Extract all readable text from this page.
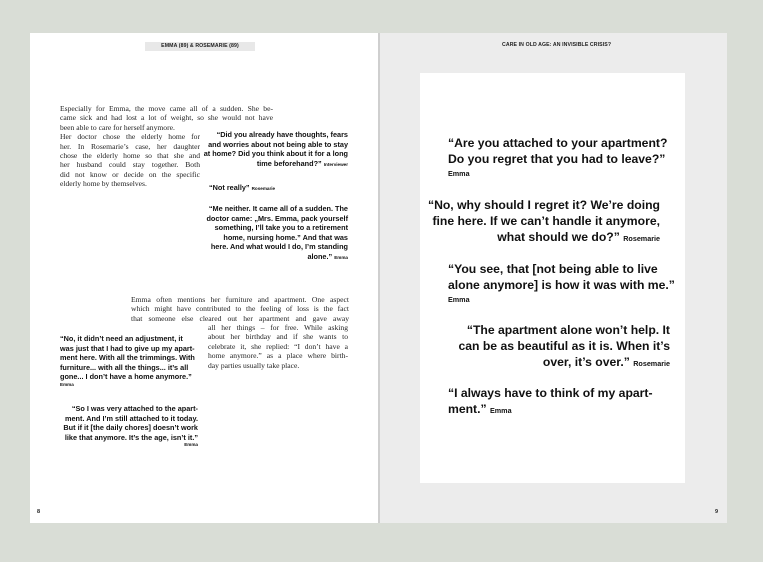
EMMA (89) & ROSEMARIE (89)
Especially for Emma, the move came all of a sudden. She be-
came sick and had lost a lot of weight, so she would not have
been able to care for herself anymore.
Her doctor chose the elderly home for
her. In Rosemarie’s case, her daughter
chose the elderly home so that she and
her husband could stay together. Both
did not know or decide on the specific
elderly home by themselves.
“Did you already have thoughts, fears
and worries about not being able to stay
at home? Did you think about it for a long
time beforehand?” Interviewer
“Not really” Rosemarie
“Me neither. It came all of a sudden. The
doctor came: „Mrs. Emma, pack yourself
something, I’ll take you to a retirement
home, nursing home.” And that was
here. And what would I do, I’m standing
alone.” Emma
Emma often mentions her furniture and apartment. One aspect
which might have contributed to the feeling of loss is the fact
that someone else cleared out her apartment and gave away
all her things – for free. While asking
about her birthday and if she wants to
celebrate it, she replied: “I don’t have a
home anymore.” as a place where birth-
day parties usually take place.
“No, it didn’t need an adjustment, it
was just that I had to give up my apart-
ment here. With all the trimmings. With
furniture... with all the things... it’s all
gone... I don’t have a home anymore.”
Emma
“So I was very attached to the apart-
ment. And I’m still attached to it today.
But if it [the daily chores] doesn’t work
like that anymore. It’s the age, isn’t it.”
Emma
8
CARE IN OLD AGE: AN INVISIBLE CRISIS?
“Are you attached to your apartment?
Do you regret that you had to leave?”
Emma
“No, why should I regret it? We’re doing
fine here. If we can’t handle it anymore,
what should we do?” Rosemarie
“You see, that [not being able to live
alone anymore] is how it was with me.”
Emma
“The apartment alone won’t help. It
can be as beautiful as it is. When it’s
over, it’s over.” Rosemarie
“I always have to think of my apart-
ment.” Emma
9
